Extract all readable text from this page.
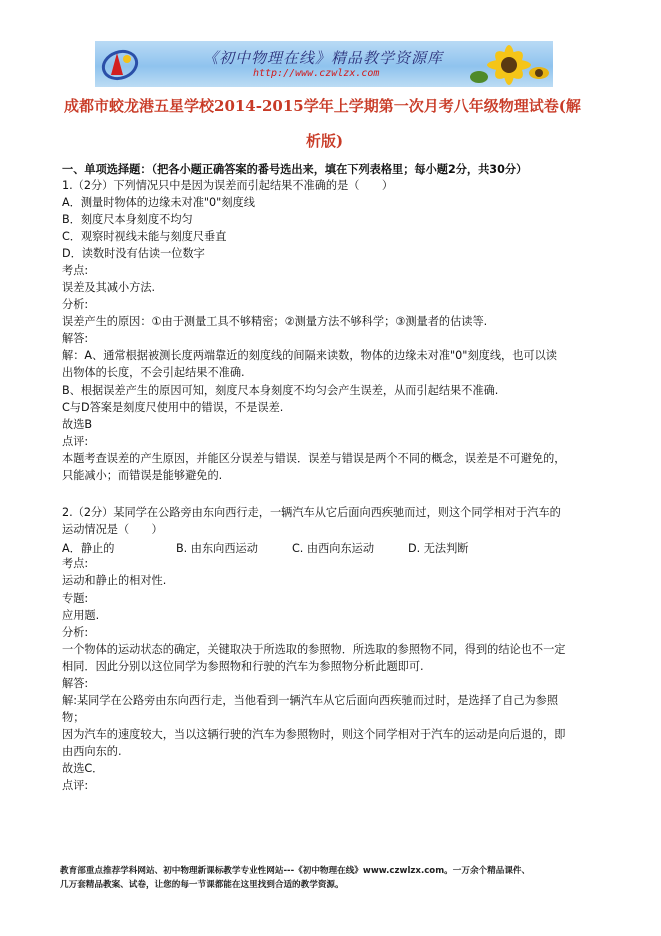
《初中物理在线》精品教学资源库
http://www.czwlzx.com
成都市蛟龙港五星学校2014-2015学年上学期第一次月考八年级物理试卷(解
析版)
一、单项选择题：（把各小题正确答案的番号选出来，填在下列表格里；每小题2分，共30分）
1.（2分）下列情况只中是因为误差而引起结果不准确的是（　　）
A．测量时物体的边缘未对准"0"刻度线
B．刻度尺本身刻度不均匀
C．观察时视线未能与刻度尺垂直
D．读数时没有估读一位数字
考点:
误差及其减小方法.
分析:
误差产生的原因：①由于测量工具不够精密；②测量方法不够科学；③测量者的估读等.
解答:
解：A、通常根据被测长度两端靠近的刻度线的间隔来读数，物体的边缘未对准"0"刻度线，也可以读
出物体的长度，不会引起结果不准确.
B、根据误差产生的原因可知，刻度尺本身刻度不均匀会产生误差，从而引起结果不准确.
C与D答案是刻度尺使用中的错误，不是误差.
故选B
点评:
本题考查误差的产生原因，并能区分误差与错误．误差与错误是两个不同的概念，误差是不可避免的，
只能减小；而错误是能够避免的.
2.（2分）某同学在公路旁由东向西行走，一辆汽车从它后面向西疾驰而过，则这个同学相对于汽车的
运动情况是（　　）
A．静止的	B. 由东向西运动	C. 由西向东运动	D. 无法判断
考点:
运动和静止的相对性.
专题:
应用题.
分析:
一个物体的运动状态的确定，关键取决于所选取的参照物．所选取的参照物不同，得到的结论也不一定
相同．因此分别以这位同学为参照物和行驶的汽车为参照物分析此题即可.
解答:
解:某同学在公路旁由东向西行走，当他看到一辆汽车从它后面向西疾驰而过时，是选择了自己为参照
物；
因为汽车的速度较大，当以这辆行驶的汽车为参照物时，则这个同学相对于汽车的运动是向后退的，即
由西向东的.
故选C．
点评:
教育部重点推荐学科网站、初中物理新课标教学专业性网站---《初中物理在线》www.czwlzx.com。一万余个精品课件、
几万套精品教案、试卷，让您的每一节课都能在这里找到合适的教学资源。
